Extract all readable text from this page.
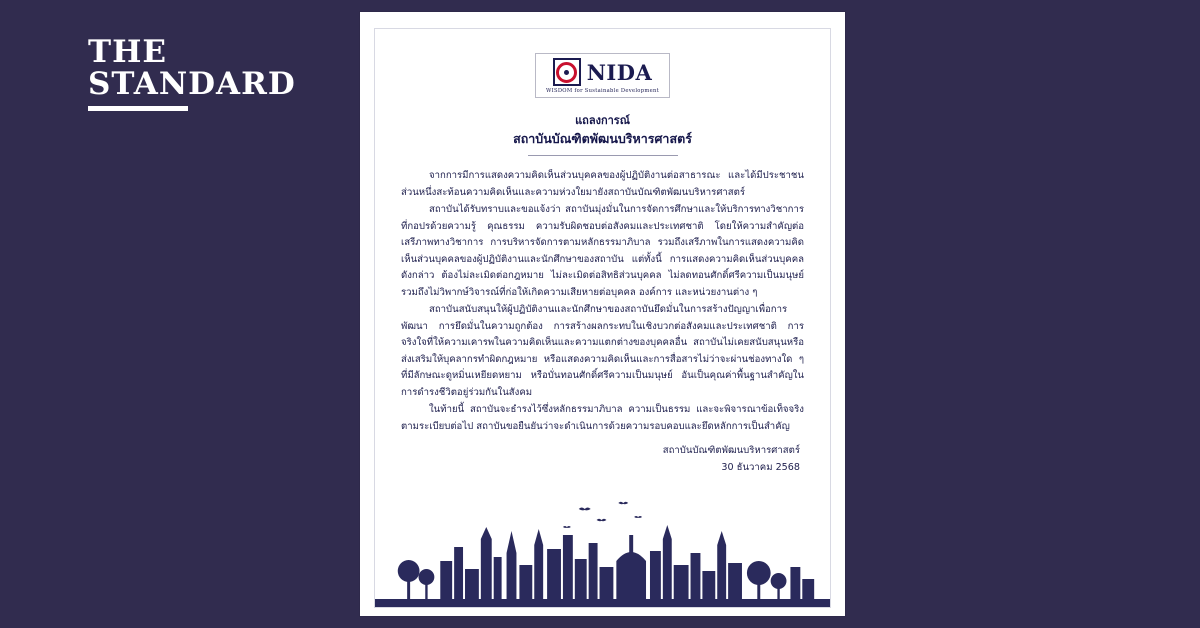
THE
STANDARD	NIDA
WISDOM for Sustainable Development
แถลงการณ์
สถาบันบัณฑิตพัฒนบริหารศาสตร์

จากการมีการแสดงความคิดเห็นส่วนบุคคลของผู้ปฏิบัติงานต่อสาธารณะ และได้มีประชาชนส่วนหนึ่งสะท้อนความคิดเห็นและความห่วงใยมายังสถาบันบัณฑิตพัฒนบริหารศาสตร์

สถาบันได้รับทราบและขอแจ้งว่า สถาบันมุ่งมั่นในการจัดการศึกษาและให้บริการทางวิชาการที่กอปรด้วยความรู้ คุณธรรม ความรับผิดชอบต่อสังคมและประเทศชาติ โดยให้ความสำคัญต่อเสรีภาพทางวิชาการ การบริหารจัดการตามหลักธรรมาภิบาล รวมถึงเสรีภาพในการแสดงความคิดเห็นส่วนบุคคลของผู้ปฏิบัติงานและนักศึกษาของสถาบัน แต่ทั้งนี้ การแสดงความคิดเห็นส่วนบุคคลดังกล่าว ต้องไม่ละเมิดต่อกฎหมาย ไม่ละเมิดต่อสิทธิส่วนบุคคล ไม่ลดทอนศักดิ์ศรีความเป็นมนุษย์ รวมถึงไม่วิพากษ์วิจารณ์ที่ก่อให้เกิดความเสียหายต่อบุคคล องค์การ และหน่วยงานต่าง ๆ

สถาบันสนับสนุนให้ผู้ปฏิบัติงานและนักศึกษาของสถาบันยึดมั่นในการสร้างปัญญาเพื่อการพัฒนา การยึดมั่นในความถูกต้อง การสร้างผลกระทบในเชิงบวกต่อสังคมและประเทศชาติ การจริงใจที่ให้ความเคารพในความคิดเห็นและความแตกต่างของบุคคลอื่น สถาบันไม่เคยสนับสนุนหรือส่งเสริมให้บุคลากรทำผิดกฎหมาย หรือแสดงความคิดเห็นและการสื่อสารไม่ว่าจะผ่านช่องทางใด ๆ ที่มีลักษณะดูหมิ่นเหยียดหยาม หรือบั่นทอนศักดิ์ศรีความเป็นมนุษย์ อันเป็นคุณค่าพื้นฐานสำคัญในการดำรงชีวิตอยู่ร่วมกันในสังคม

ในท้ายนี้ สถาบันจะธำรงไว้ซึ่งหลักธรรมาภิบาล ความเป็นธรรม และจะพิจารณาข้อเท็จจริงตามระเบียบต่อไป สถาบันขอยืนยันว่าจะดำเนินการด้วยความรอบคอบและยึดหลักการเป็นสำคัญ

สถาบันบัณฑิตพัฒนบริหารศาสตร์
30 ธันวาคม 2568
